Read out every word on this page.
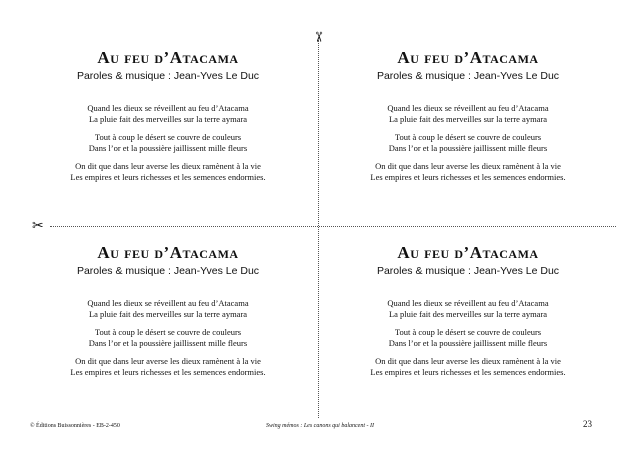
✂
✂
Au feu d’Atacama

Paroles & musique : Jean-Yves Le Duc

Quand les dieux se réveillent au feu d’Atacama
La pluie fait des merveilles sur la terre aymara
Tout à coup le désert se couvre de couleurs
Dans l’or et la poussière jaillissent mille fleurs
On dit que dans leur averse les dieux ramènent à la vie
Les empires et leurs richesses et les semences endormies.
Au feu d’Atacama

Paroles & musique : Jean-Yves Le Duc

Quand les dieux se réveillent au feu d’Atacama
La pluie fait des merveilles sur la terre aymara
Tout à coup le désert se couvre de couleurs
Dans l’or et la poussière jaillissent mille fleurs
On dit que dans leur averse les dieux ramènent à la vie
Les empires et leurs richesses et les semences endormies.
Au feu d’Atacama

Paroles & musique : Jean-Yves Le Duc

Quand les dieux se réveillent au feu d’Atacama
La pluie fait des merveilles sur la terre aymara
Tout à coup le désert se couvre de couleurs
Dans l’or et la poussière jaillissent mille fleurs
On dit que dans leur averse les dieux ramènent à la vie
Les empires et leurs richesses et les semences endormies.
Au feu d’Atacama

Paroles & musique : Jean-Yves Le Duc

Quand les dieux se réveillent au feu d’Atacama
La pluie fait des merveilles sur la terre aymara
Tout à coup le désert se couvre de couleurs
Dans l’or et la poussière jaillissent mille fleurs
On dit que dans leur averse les dieux ramènent à la vie
Les empires et leurs richesses et les semences endormies.
© Éditions Buissonnières - EB-2-450	Swing mémos : Les canons qui balancent - II	23
